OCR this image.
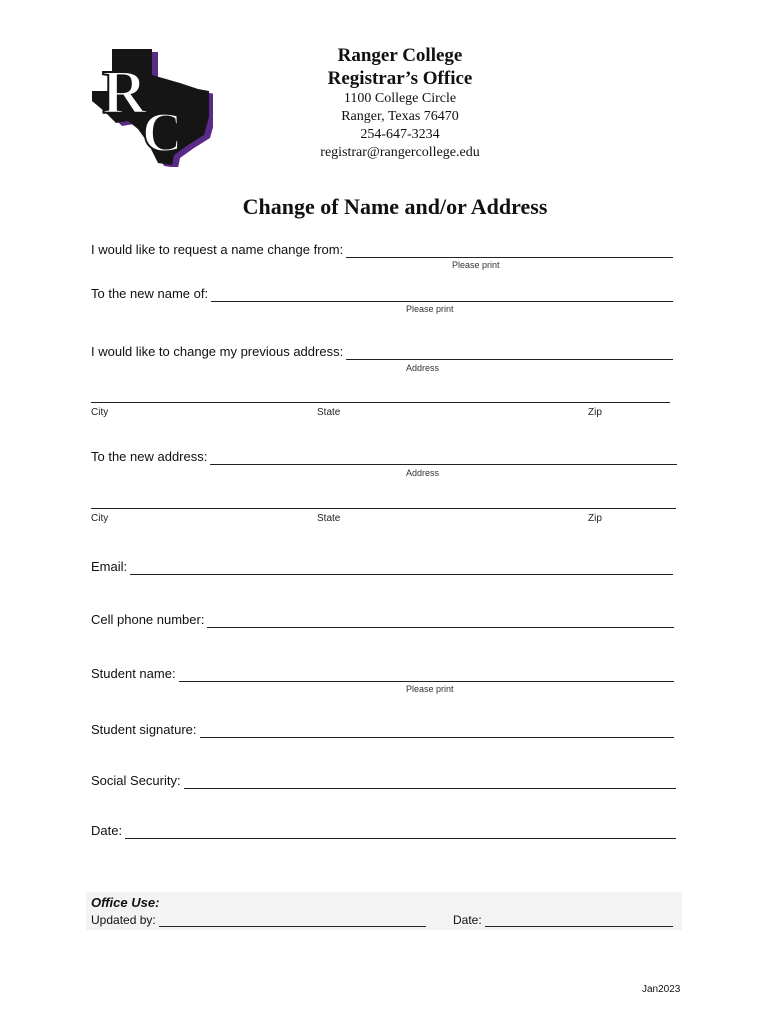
R
C
Ranger College
Registrar’s Office
1100 College Circle
Ranger, Texas 76470
254-647-3234
registrar@rangercollege.edu
Change of Name and/or Address
I would like to request a name change from:
Please print
To the new name of:
Please print
I would like to change my previous address:
Address
City	State	Zip
To the new address:
Address
City	State	Zip
Email:
Cell phone number:
Student name:
Please print
Student signature:
Social Security:
Date:
Office Use:
Updated by:	Date:
Jan2023
